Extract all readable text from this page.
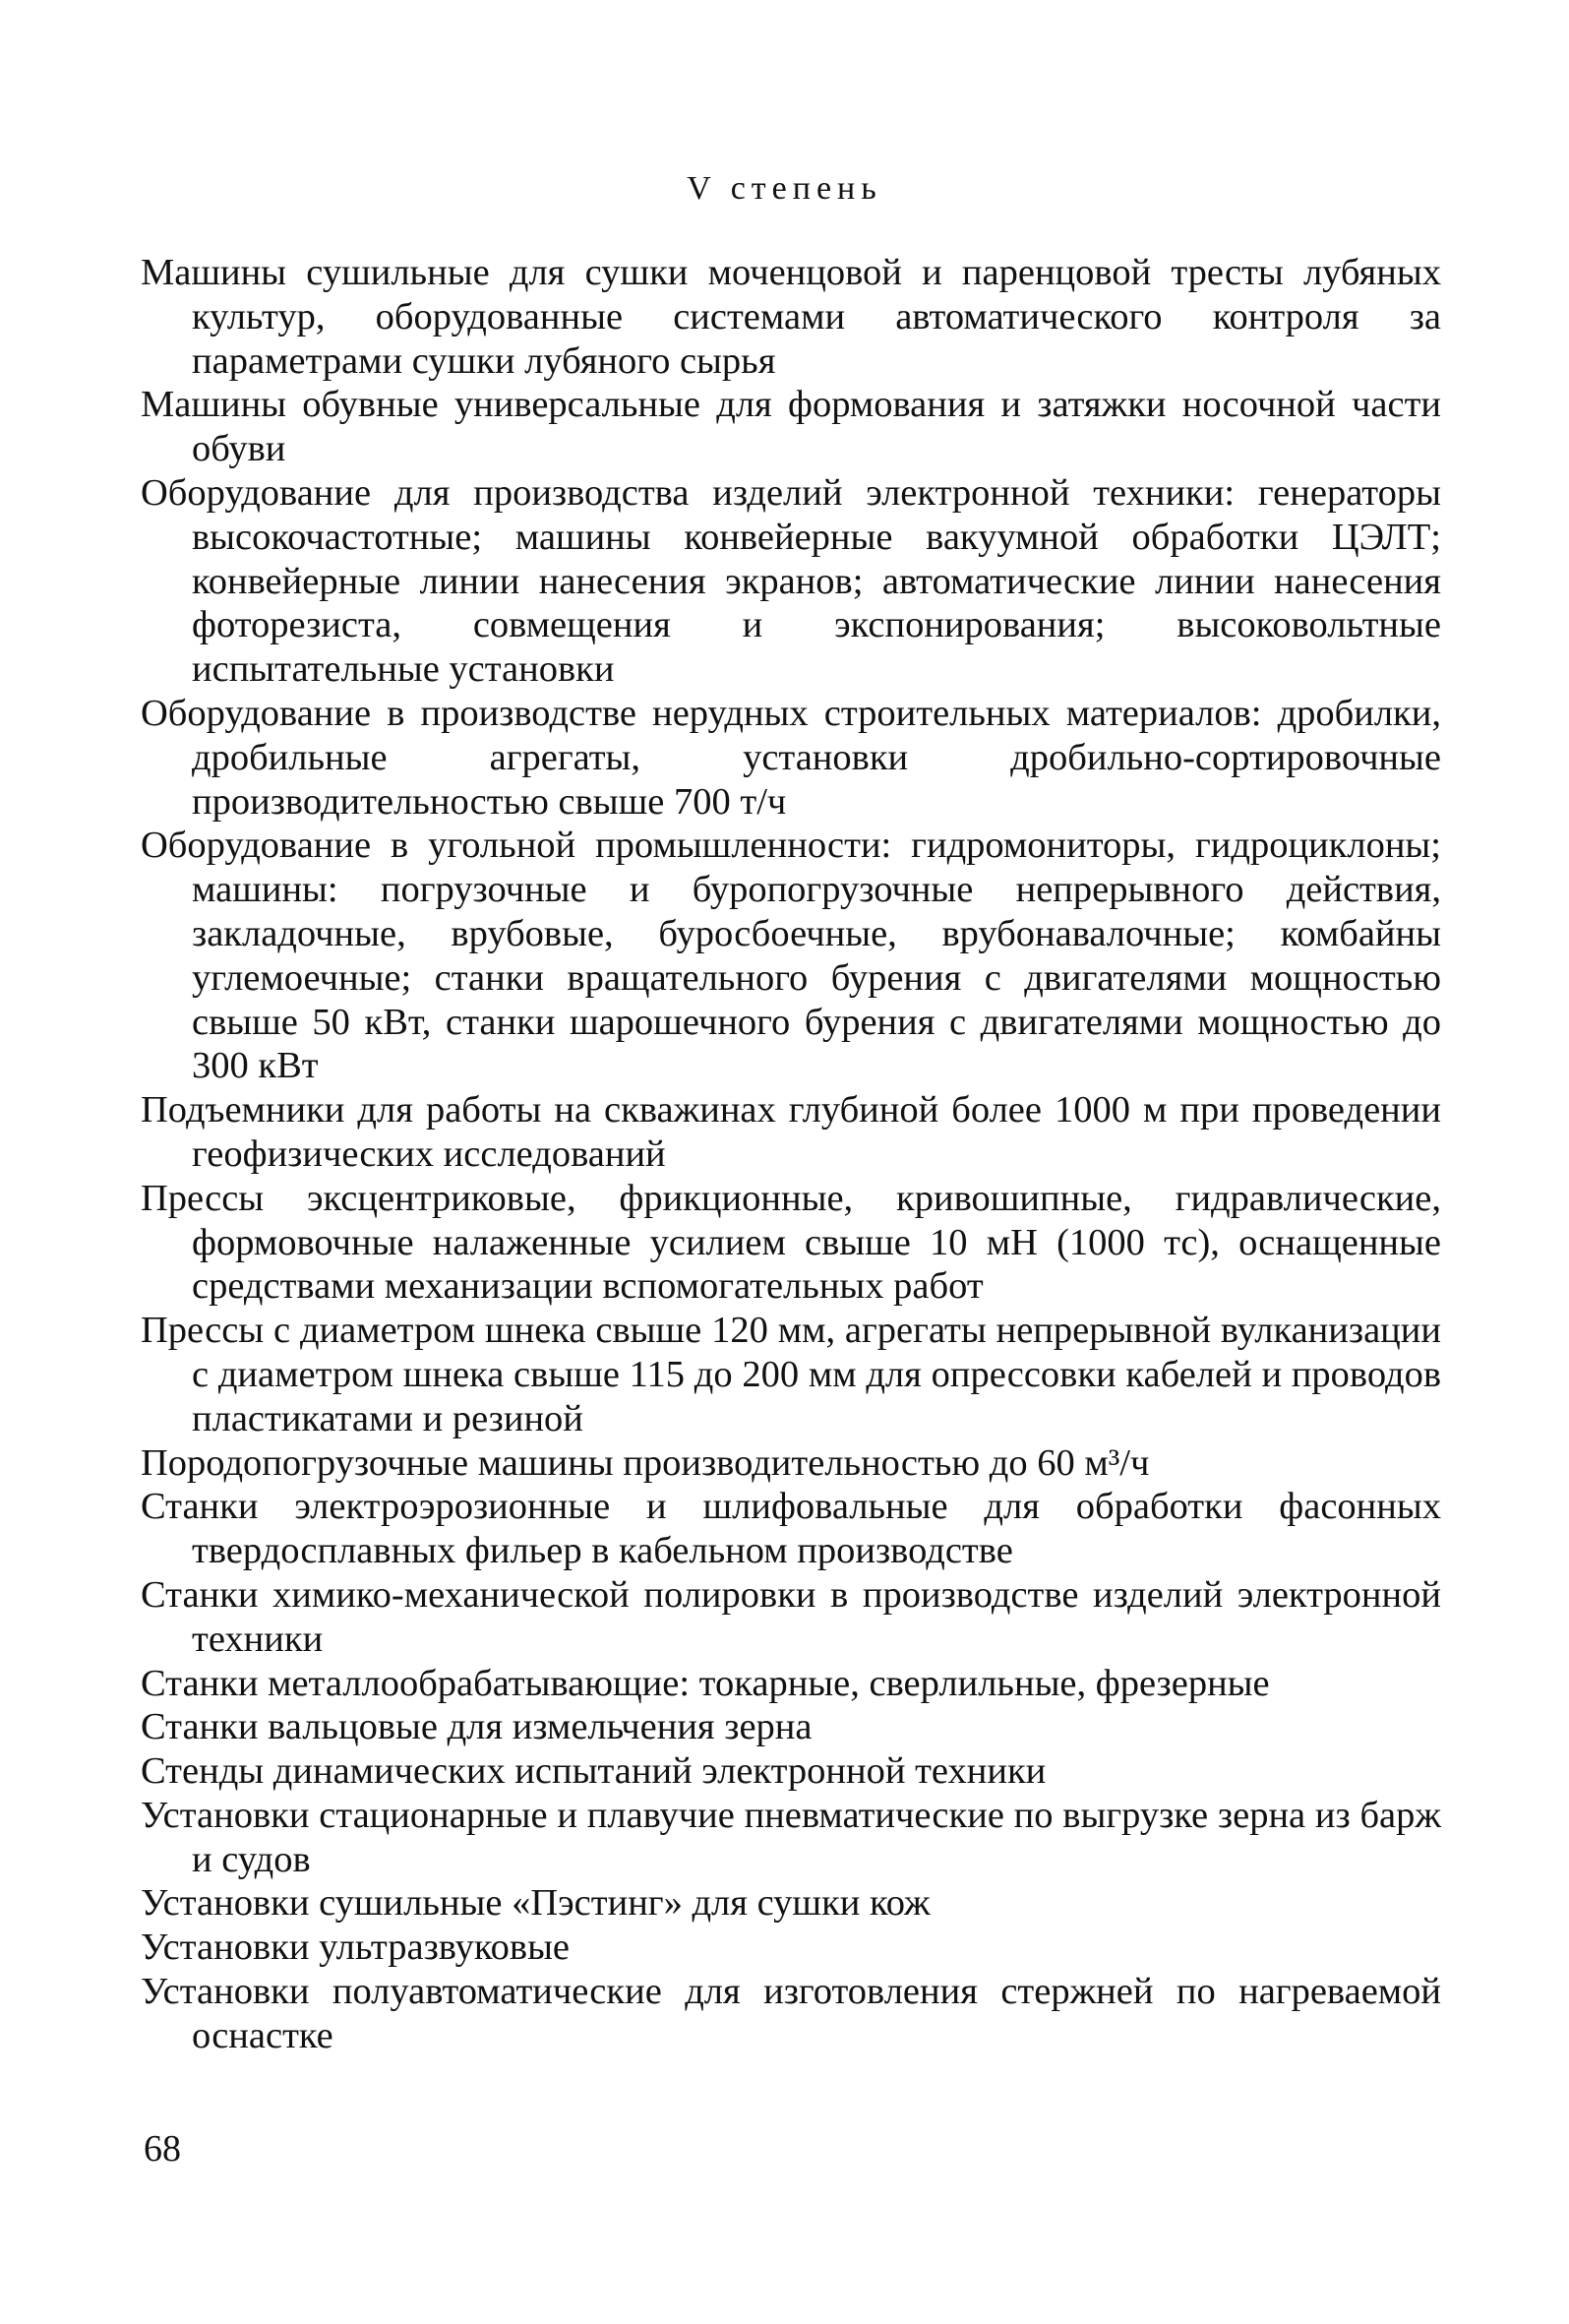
V степень
Машины сушильные для сушки моченцовой и паренцовой тресты лубяных культур, оборудованные системами автоматического контроля за параметрами сушки лубяного сырья
Машины обувные универсальные для формования и затяжки носочной части обуви
Оборудование для производства изделий электронной техники: генераторы высокочастотные; машины конвейерные вакуумной обработки ЦЭЛТ; конвейерные линии нанесения экранов; автоматические линии нанесения фоторезиста, совмещения и экспонирования; высоковольтные испытательные установки
Оборудование в производстве нерудных строительных материалов: дробилки, дробильные агрегаты, установки дробильно-сортировочные производительностью свыше 700 т/ч
Оборудование в угольной промышленности: гидромониторы, гидроциклоны; машины: погрузочные и буропогрузочные непрерывного действия, закладочные, врубовые, буросбоечные, врубонавалочные; комбайны углемоечные; станки вращательного бурения с двигателями мощностью свыше 50 кВт, станки шарошечного бурения с двигателями мощностью до 300 кВт
Подъемники для работы на скважинах глубиной более 1000 м при проведении геофизических исследований
Прессы эксцентриковые, фрикционные, кривошипные, гидравлические, формовочные налаженные усилием свыше 10 мН (1000 тс), оснащенные средствами механизации вспомогательных работ
Прессы с диаметром шнека свыше 120 мм, агрегаты непрерывной вулканизации с диаметром шнека свыше 115 до 200 мм для опрессовки кабелей и проводов пластикатами и резиной
Породопогрузочные машины производительностью до 60 м³/ч
Станки электроэрозионные и шлифовальные для обработки фасонных твердосплавных фильер в кабельном производстве
Станки химико-механической полировки в производстве изделий электронной техники
Станки металлообрабатывающие: токарные, сверлильные, фрезерные
Станки вальцовые для измельчения зерна
Стенды динамических испытаний электронной техники
Установки стационарные и плавучие пневматические по выгрузке зерна из барж и судов
Установки сушильные «Пэстинг» для сушки кож
Установки ультразвуковые
Установки полуавтоматические для изготовления стержней по нагреваемой оснастке
68
